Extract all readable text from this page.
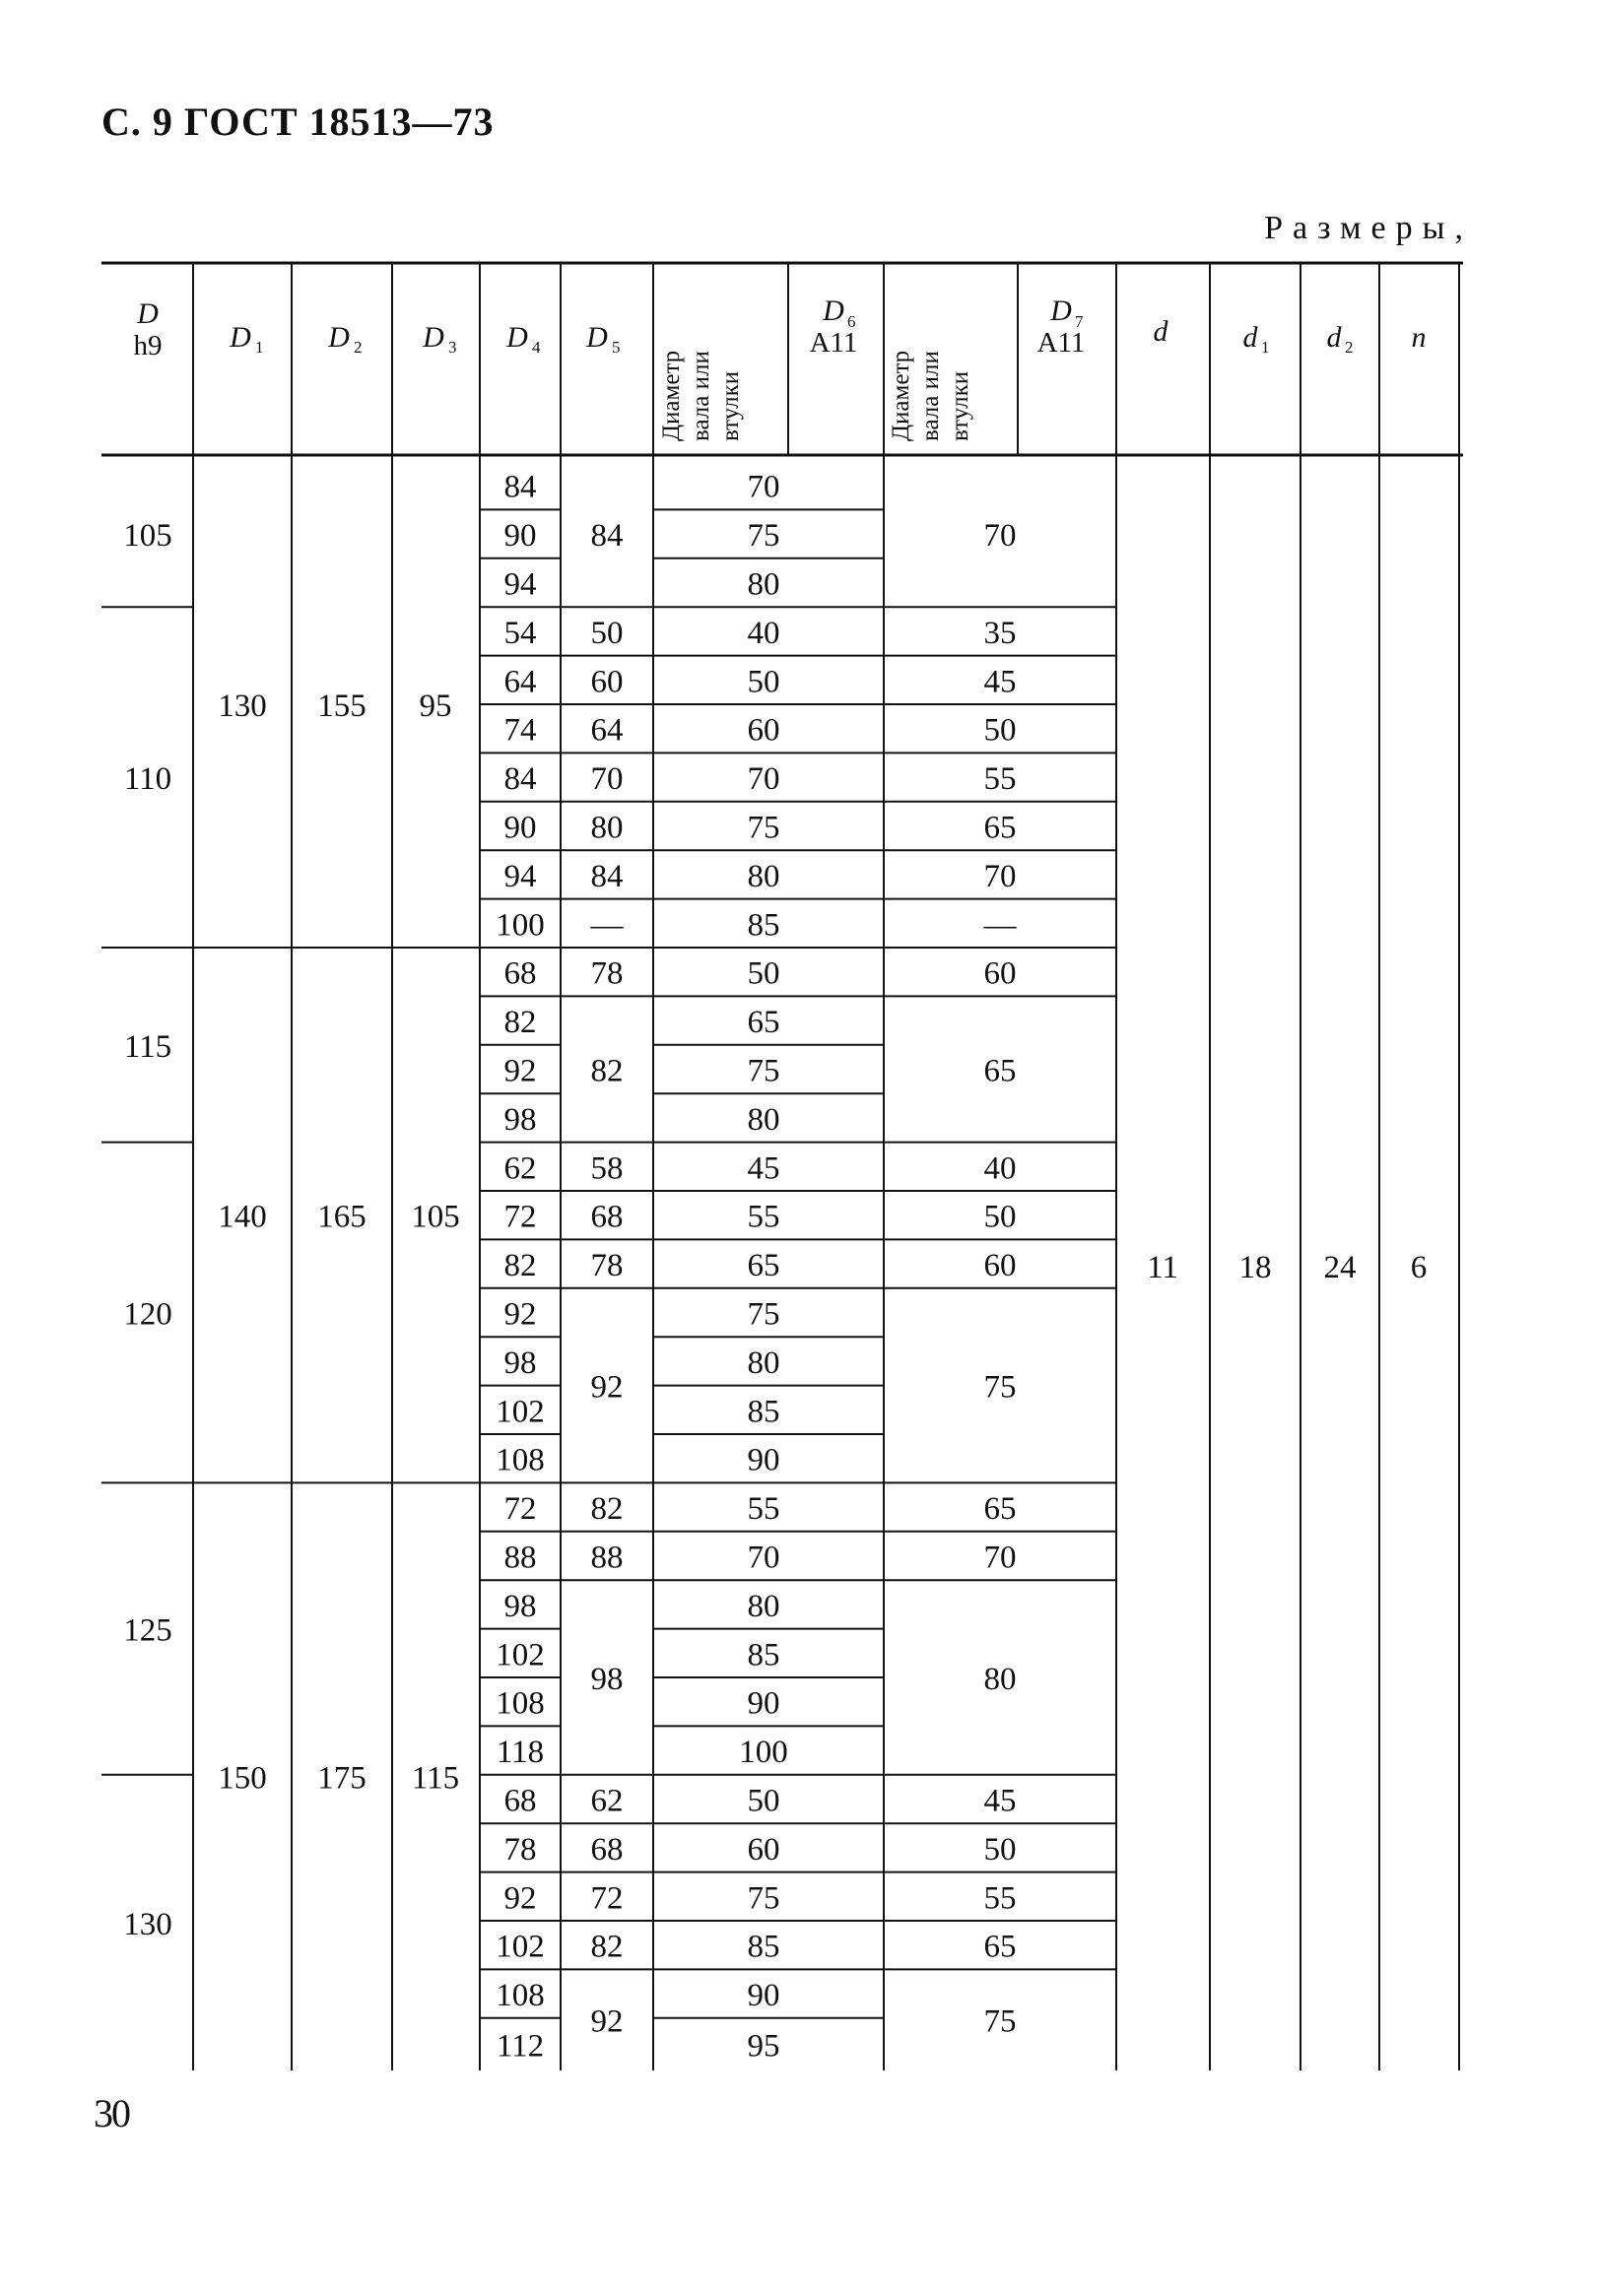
С. 9 ГОСТ 18513—73
Размеры,
D
h9 D 1 D 2 D 3 D 4 D 5
Диаметр вала или втулки
D 6
A11
Диаметр вала или втулки
D 7
A11 d	d 1 d 2 n
105
110
115
120
125
130
130
140
150
155
165
175
95
105
115
84
50
60
64
70
80
84
—
78
82
58
68
78
92
82
88
98
62
68
72
82
92
70
35
45
50
55
65
70
—
60
65
40
50
60
75
65
70
80
45
50
55
65
75
11 18 24 6
84
90
94
54
64
74
84
90
94
100
68
82
92
98
62
72
82
92
98
102
108
72
88
98
102
108
118
68
78
92
102
108
112
70
75
80
40
50
60
70
75
80
85
50
65
75
80
45
55
65
75
80
85
90
55
70
80
85
90
100
50
60
75
85
90
95
30
